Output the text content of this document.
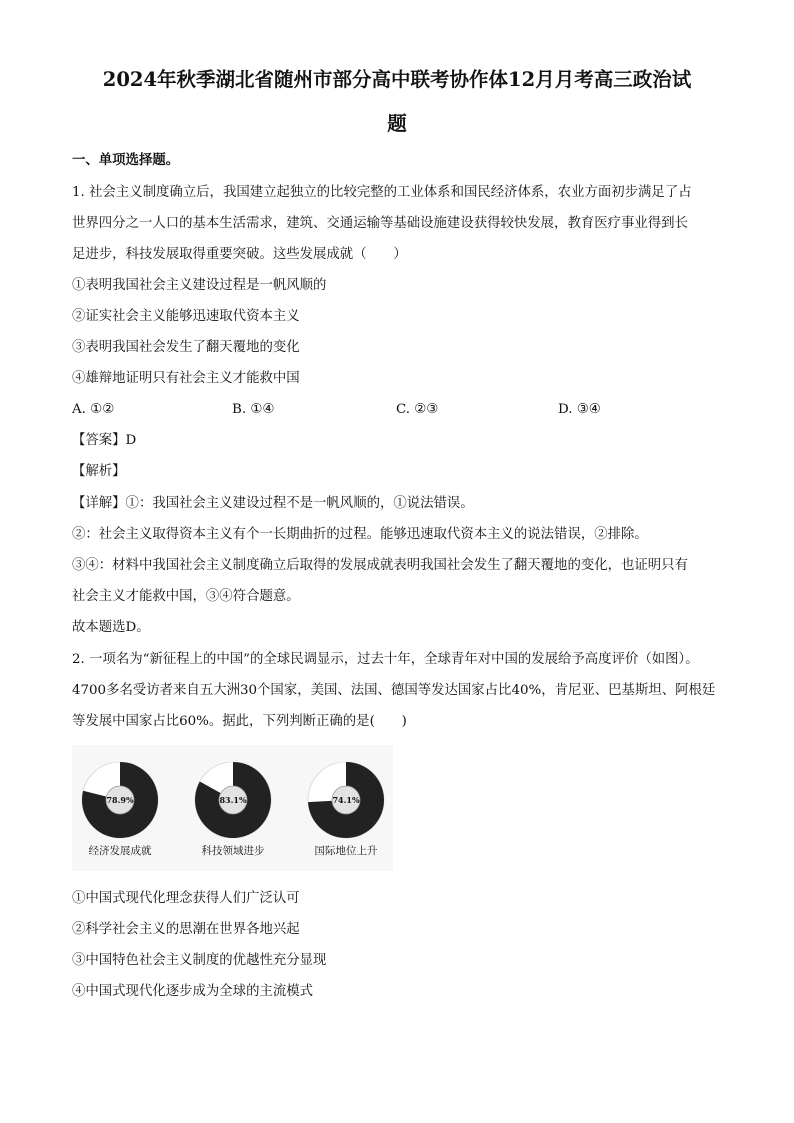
2024年秋季湖北省随州市部分高中联考协作体12月月考高三政治试
题
一、单项选择题。
1. 社会主义制度确立后，我国建立起独立的比较完整的工业体系和国民经济体系，农业方面初步满足了占
世界四分之一人口的基本生活需求，建筑、交通运输等基础设施建设获得较快发展，教育医疗事业得到长
足进步，科技发展取得重要突破。这些发展成就（　　）
①表明我国社会主义建设过程是一帆风顺的
②证实社会主义能够迅速取代资本主义
③表明我国社会发生了翻天覆地的变化
④雄辩地证明只有社会主义才能救中国
A. ①②	B. ①④	C. ②③	D. ③④
【答案】D
【解析】
【详解】①：我国社会主义建设过程不是一帆风顺的，①说法错误。
②：社会主义取得资本主义有个一长期曲折的过程。能够迅速取代资本主义的说法错误，②排除。
③④：材料中我国社会主义制度确立后取得的发展成就表明我国社会发生了翻天覆地的变化，也证明只有
社会主义才能救中国，③④符合题意。
故本题选D。
2. 一项名为“新征程上的中国”的全球民调显示，过去十年，全球青年对中国的发展给予高度评价（如图）。
4700多名受访者来自五大洲30个国家，美国、法国、德国等发达国家占比40%，肯尼亚、巴基斯坦、阿根廷
等发展中国家占比60%。据此，下列判断正确的是(　　)
78.9%
经济发展成就
83.1%
科技领域进步
74.1%
国际地位上升
①中国式现代化理念获得人们广泛认可
②科学社会主义的思潮在世界各地兴起
③中国特色社会主义制度的优越性充分显现
④中国式现代化逐步成为全球的主流模式
